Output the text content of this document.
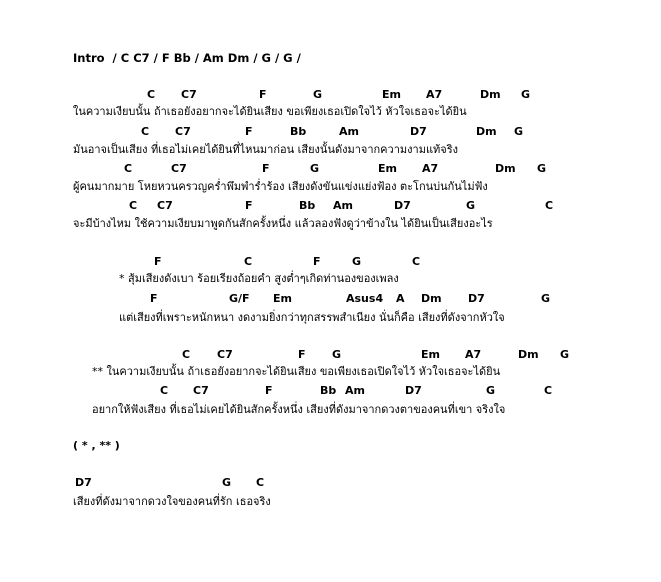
Intro  / C C7 / F Bb / Am Dm / G / G /
C C7	F	G	Em A7	Dm G
ในความเงียบนั้น ถ้าเธอยังอยากจะได้ยินเสียง ขอเพียงเธอเปิดใจไว้ หัวใจเธอจะได้ยิน
C C7	F	Bb	Am	D7	Dm G
มันอาจเป็นเสียง ที่เธอไม่เคยได้ยินที่ไหนมาก่อน เสียงนั้นดังมาจากความงามแท้จริง
C	C7	F	G	Em A7	Dm G
ผู้คนมากมาย โหยหวนครวญคร่ำพึมพำร่ำร้อง เสียงดังขันแข่งแย่งฟ้อง ตะโกนบ่นกันไม่ฟัง
C C7	F	Bb Am	D7	G	C
จะมีบ้างไหม ใช้ความเงียบมาพูดกันสักครั้งหนึ่ง แล้วลองฟังดูว่าข้างใน ได้ยินเป็นเสียงอะไร
F	C	F	G	C
* สุ้มเสียงดังเบา ร้อยเรียงถ้อยคำ สูงต่ำๆเกิดท่านองของเพลง
F	G/F Em	Asus4 A Dm D7	G
แต่เสียงที่เพราะหนักหนา งดงามยิ่งกว่าทุกสรรพสำเนียง นั่นก็คือ เสียงที่ดังจากหัวใจ
C C7	F G	Em A7	Dm G
** ในความเงียบนั้น ถ้าเธอยังอยากจะได้ยินเสียง ขอเพียงเธอเปิดใจไว้ หัวใจเธอจะได้ยิน
C C7	F	Bb Am	D7	G	C
อยากให้ฟังเสียง ที่เธอไม่เคยได้ยินสักครั้งหนึ่ง เสียงที่ดังมาจากดวงตาของคนที่เขา จริงใจ
( * , ** )
D7	G C
เสียงที่ดังมาจากดวงใจของคนที่รัก เธอจริง
